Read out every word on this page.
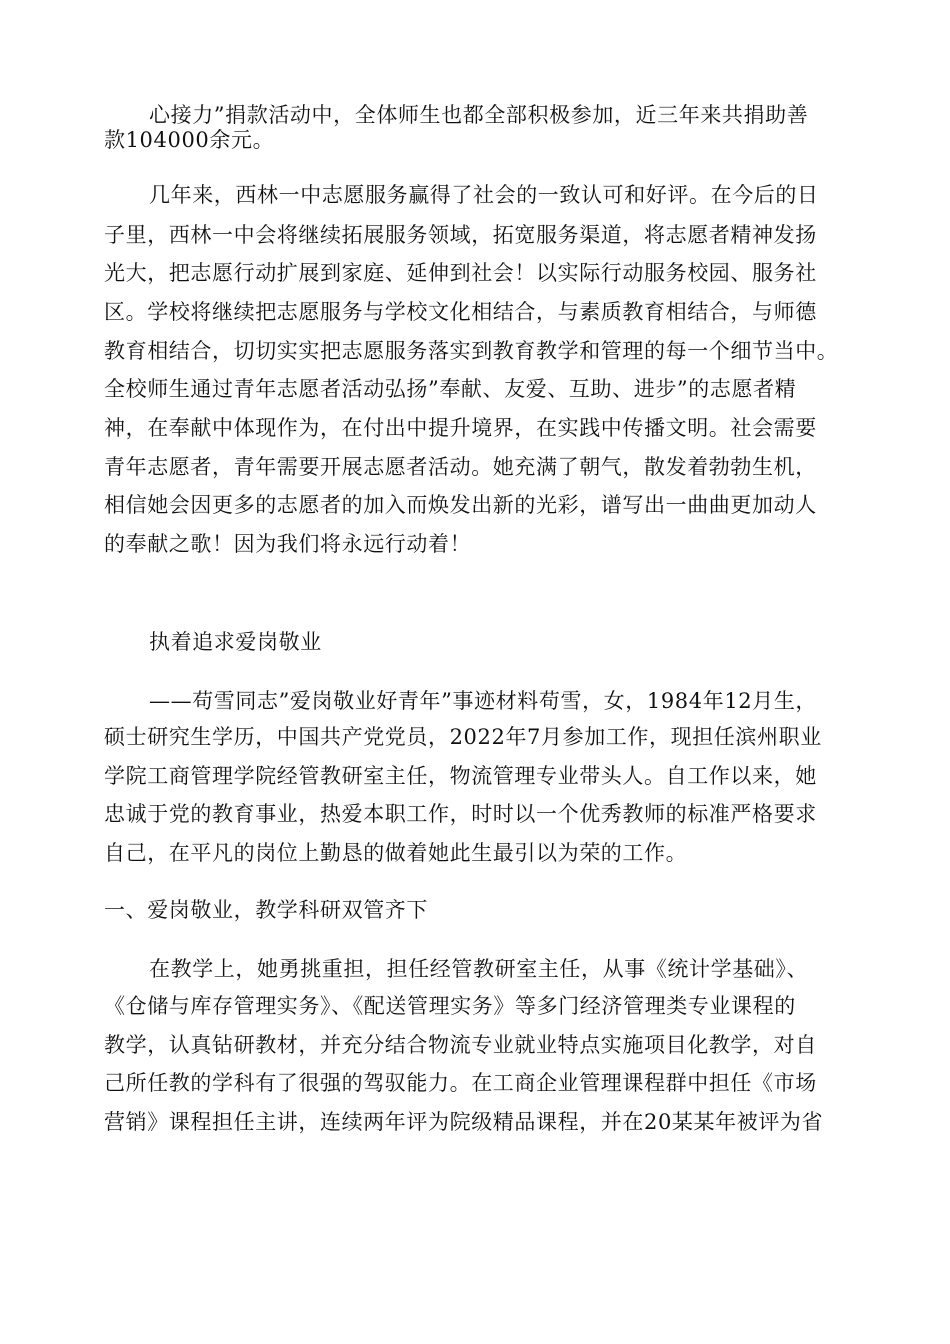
心接力”捐款活动中，全体师生也都全部积极参加，近三年来共捐助善
款104000余元。
几年来，西林一中志愿服务赢得了社会的一致认可和好评。在今后的日
子里，西林一中会将继续拓展服务领域，拓宽服务渠道，将志愿者精神发扬
光大，把志愿行动扩展到家庭、延伸到社会！以实际行动服务校园、服务社
区。学校将继续把志愿服务与学校文化相结合，与素质教育相结合，与师德
教育相结合，切切实实把志愿服务落实到教育教学和管理的每一个细节当中。
全校师生通过青年志愿者活动弘扬”奉献、友爱、互助、进步”的志愿者精
神，在奉献中体现作为，在付出中提升境界，在实践中传播文明。社会需要
青年志愿者，青年需要开展志愿者活动。她充满了朝气，散发着勃勃生机，
相信她会因更多的志愿者的加入而焕发出新的光彩，谱写出一曲曲更加动人
的奉献之歌！因为我们将永远行动着！
执着追求爱岗敬业
——苟雪同志”爱岗敬业好青年”事迹材料苟雪，女，1984年12月生，
硕士研究生学历，中国共产党党员，2022年7月参加工作，现担任滨州职业
学院工商管理学院经管教研室主任，物流管理专业带头人。自工作以来，她
忠诚于党的教育事业，热爱本职工作，时时以一个优秀教师的标准严格要求
自己，在平凡的岗位上勤恳的做着她此生最引以为荣的工作。
一、爱岗敬业，教学科研双管齐下
在教学上，她勇挑重担，担任经管教研室主任，从事《统计学基础》、
《仓储与库存管理实务》、《配送管理实务》等多门经济管理类专业课程的
教学，认真钻研教材，并充分结合物流专业就业特点实施项目化教学，对自
己所任教的学科有了很强的驾驭能力。在工商企业管理课程群中担任《市场
营销》课程担任主讲，连续两年评为院级精品课程，并在20某某年被评为省
